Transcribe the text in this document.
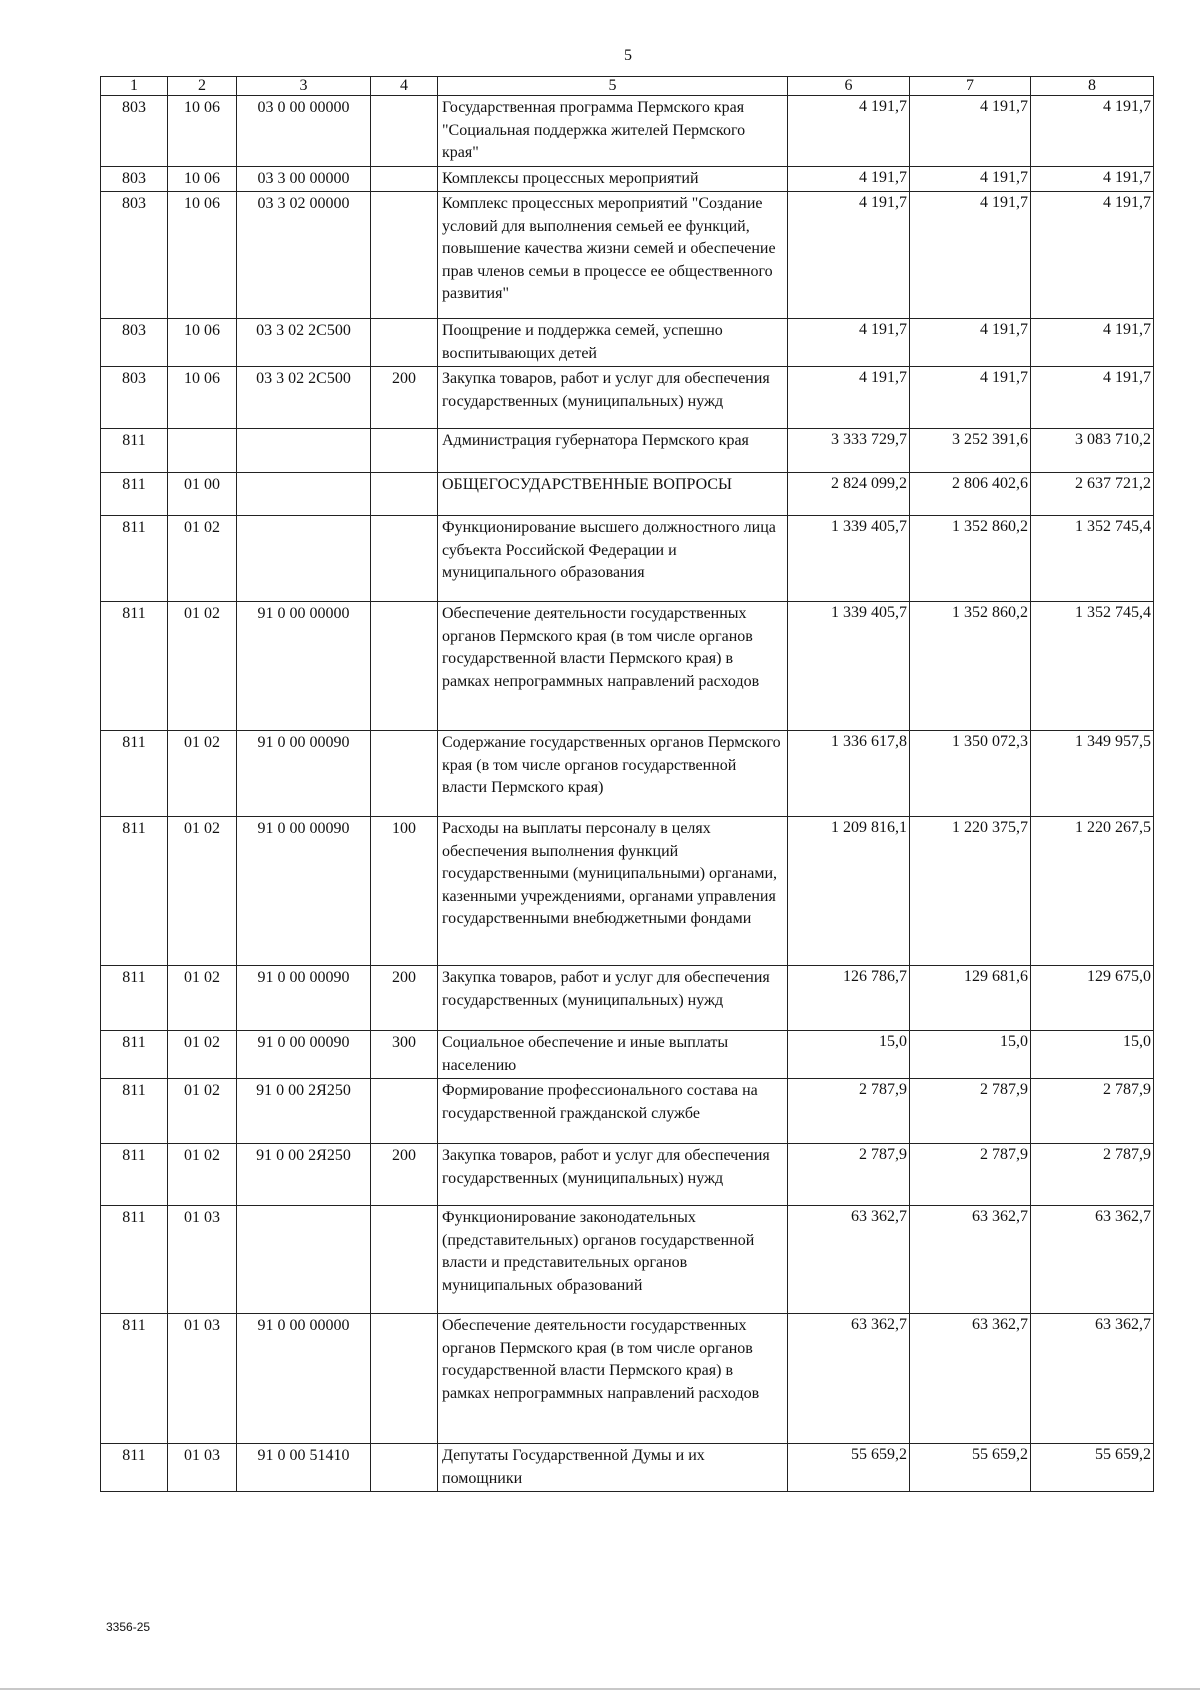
5
1	2	3	4	5	6	7	8
803	10 06	03 0 00 00000		Государственная программа Пермского края "Социальная поддержка жителей Пермского края"	4 191,7	4 191,7	4 191,7
803	10 06	03 3 00 00000		Комплексы процессных мероприятий	4 191,7	4 191,7	4 191,7
803	10 06	03 3 02 00000		Комплекс процессных мероприятий "Создание условий для выполнения семьей ее функций, повышение качества жизни семей и обеспечение прав членов семьи в процессе ее общественного развития"	4 191,7	4 191,7	4 191,7
803	10 06	03 3 02 2С500		Поощрение и поддержка семей, успешно воспитывающих детей	4 191,7	4 191,7	4 191,7
803	10 06	03 3 02 2С500	200	Закупка товаров, работ и услуг для обеспечения государственных (муниципальных) нужд	4 191,7	4 191,7	4 191,7
811				Администрация губернатора Пермского края	3 333 729,7	3 252 391,6	3 083 710,2
811	01 00			ОБЩЕГОСУДАРСТВЕННЫЕ ВОПРОСЫ	2 824 099,2	2 806 402,6	2 637 721,2
811	01 02			Функционирование высшего должностного лица субъекта Российской Федерации и муниципального образования	1 339 405,7	1 352 860,2	1 352 745,4
811	01 02	91 0 00 00000		Обеспечение деятельности государственных органов Пермского края (в том числе органов государственной власти Пермского края) в рамках непрограммных направлений расходов	1 339 405,7	1 352 860,2	1 352 745,4
811	01 02	91 0 00 00090		Содержание государственных органов Пермского края (в том числе органов государственной власти Пермского края)	1 336 617,8	1 350 072,3	1 349 957,5
811	01 02	91 0 00 00090	100	Расходы на выплаты персоналу в целях обеспечения выполнения функций государственными (муниципальными) органами, казенными учреждениями, органами управления государственными внебюджетными фондами	1 209 816,1	1 220 375,7	1 220 267,5
811	01 02	91 0 00 00090	200	Закупка товаров, работ и услуг для обеспечения государственных (муниципальных) нужд	126 786,7	129 681,6	129 675,0
811	01 02	91 0 00 00090	300	Социальное обеспечение и иные выплаты населению	15,0	15,0	15,0
811	01 02	91 0 00 2Я250		Формирование профессионального состава на государственной гражданской службе	2 787,9	2 787,9	2 787,9
811	01 02	91 0 00 2Я250	200	Закупка товаров, работ и услуг для обеспечения государственных (муниципальных) нужд	2 787,9	2 787,9	2 787,9
811	01 03			Функционирование законодательных (представительных) органов государственной власти и представительных органов муниципальных образований	63 362,7	63 362,7	63 362,7
811	01 03	91 0 00 00000		Обеспечение деятельности государственных органов Пермского края (в том числе органов государственной власти Пермского края) в рамках непрограммных направлений расходов	63 362,7	63 362,7	63 362,7
811	01 03	91 0 00 51410		Депутаты Государственной Думы и их помощники	55 659,2	55 659,2	55 659,2
3356-25
